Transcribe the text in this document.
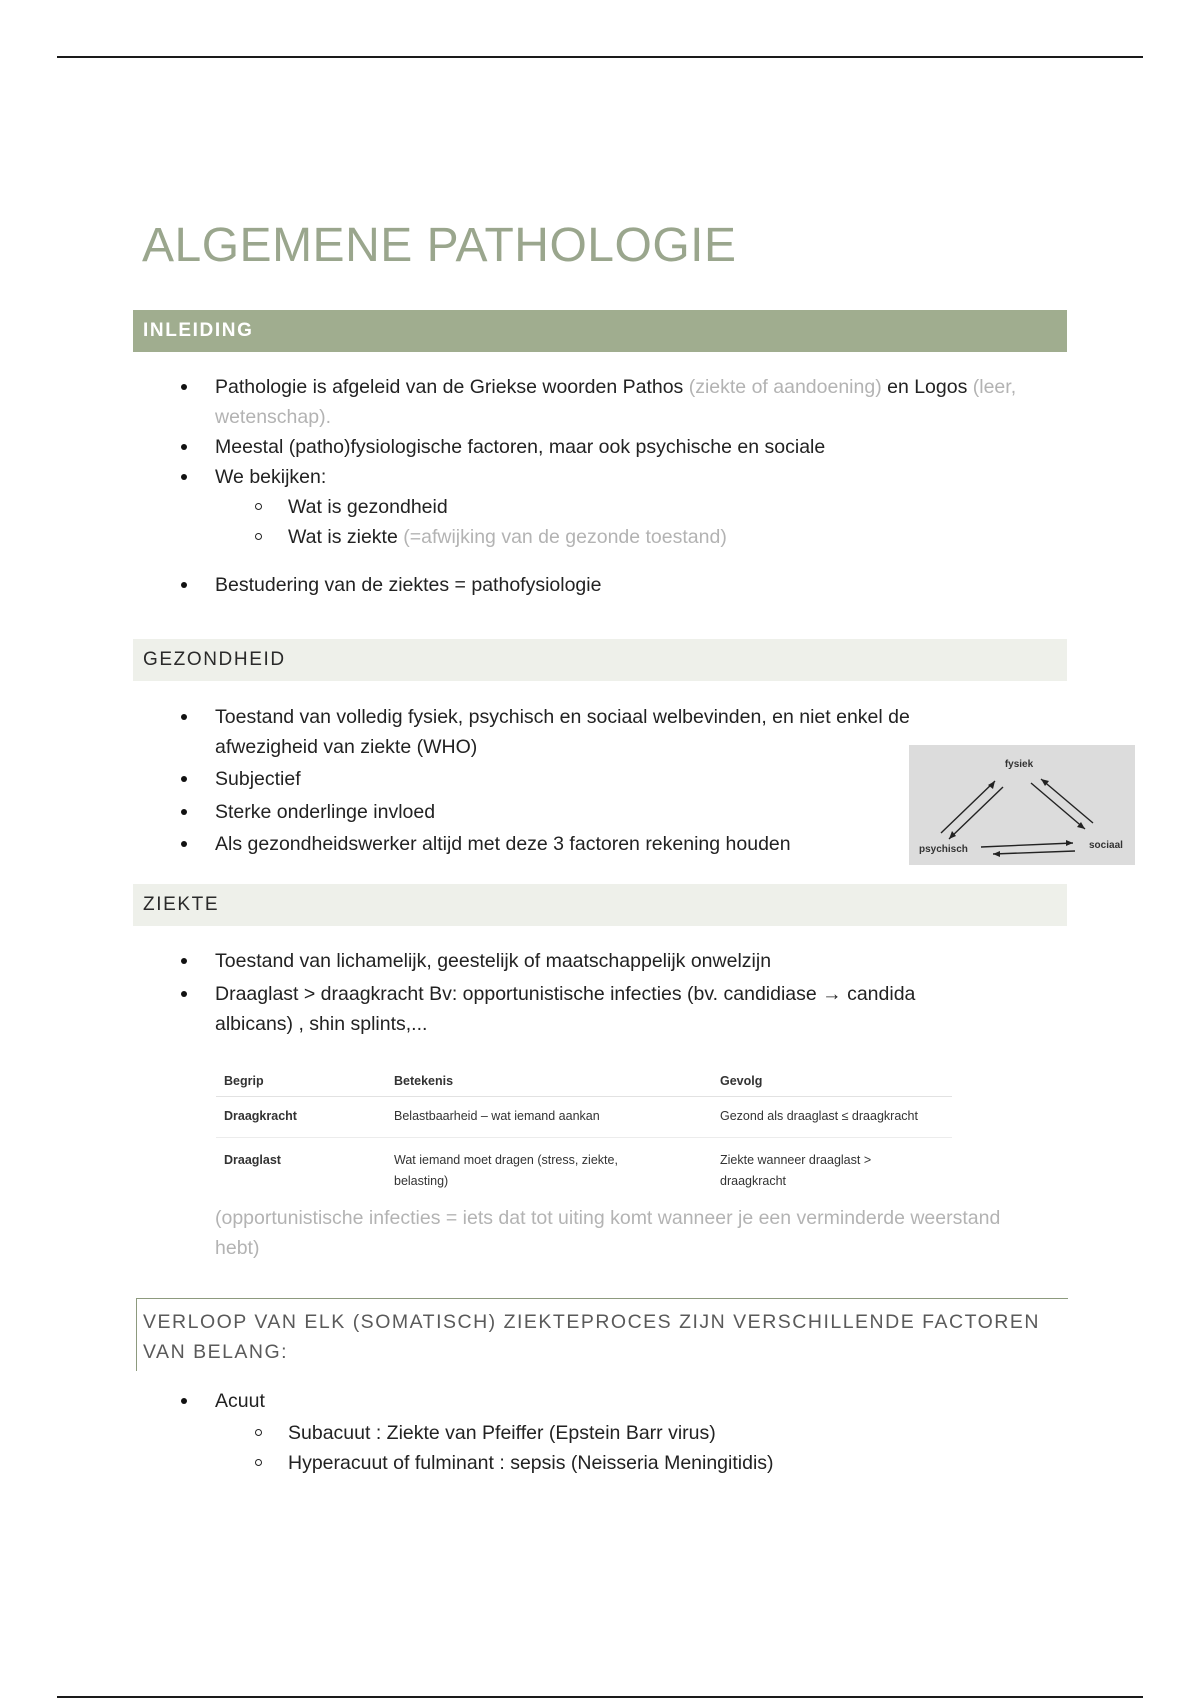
ALGEMENE PATHOLOGIE
INLEIDING
Pathologie is afgeleid van de Griekse woorden Pathos (ziekte of aandoening) en Logos (leer, wetenschap).
Meestal (patho)fysiologische factoren, maar ook psychische en sociale
We bekijken:
Wat is gezondheid
Wat is ziekte (=afwijking van de gezonde toestand)
Bestudering van de ziektes = pathofysiologie
GEZONDHEID
Toestand van volledig fysiek, psychisch en sociaal welbevinden, en niet enkel de afwezigheid van ziekte (WHO)
Subjectief
Sterke onderlinge invloed
Als gezondheidswerker altijd met deze 3 factoren rekening houden
fysiek
psychisch	sociaal
ZIEKTE
Toestand van lichamelijk, geestelijk of maatschappelijk onwelzijn
Draaglast > draagkracht Bv: opportunistische infecties (bv. candidiase → candida albicans) , shin splints,...
Begrip	Betekenis	Gevolg
Draagkracht	Belastbaarheid – wat iemand aankan	Gezond als draaglast ≤ draagkracht
Draaglast	Wat iemand moet dragen (stress, ziekte, belasting)	Ziekte wanneer draaglast > draagkracht

(opportunistische infecties = iets dat tot uiting komt wanneer je een verminderde weerstand hebt)

VERLOOP VAN ELK (SOMATISCH) ZIEKTEPROCES ZIJN VERSCHILLENDE FACTOREN VAN BELANG:
Acuut
Subacuut : Ziekte van Pfeiffer (Epstein Barr virus)
Hyperacuut of fulminant : sepsis (Neisseria Meningitidis)
